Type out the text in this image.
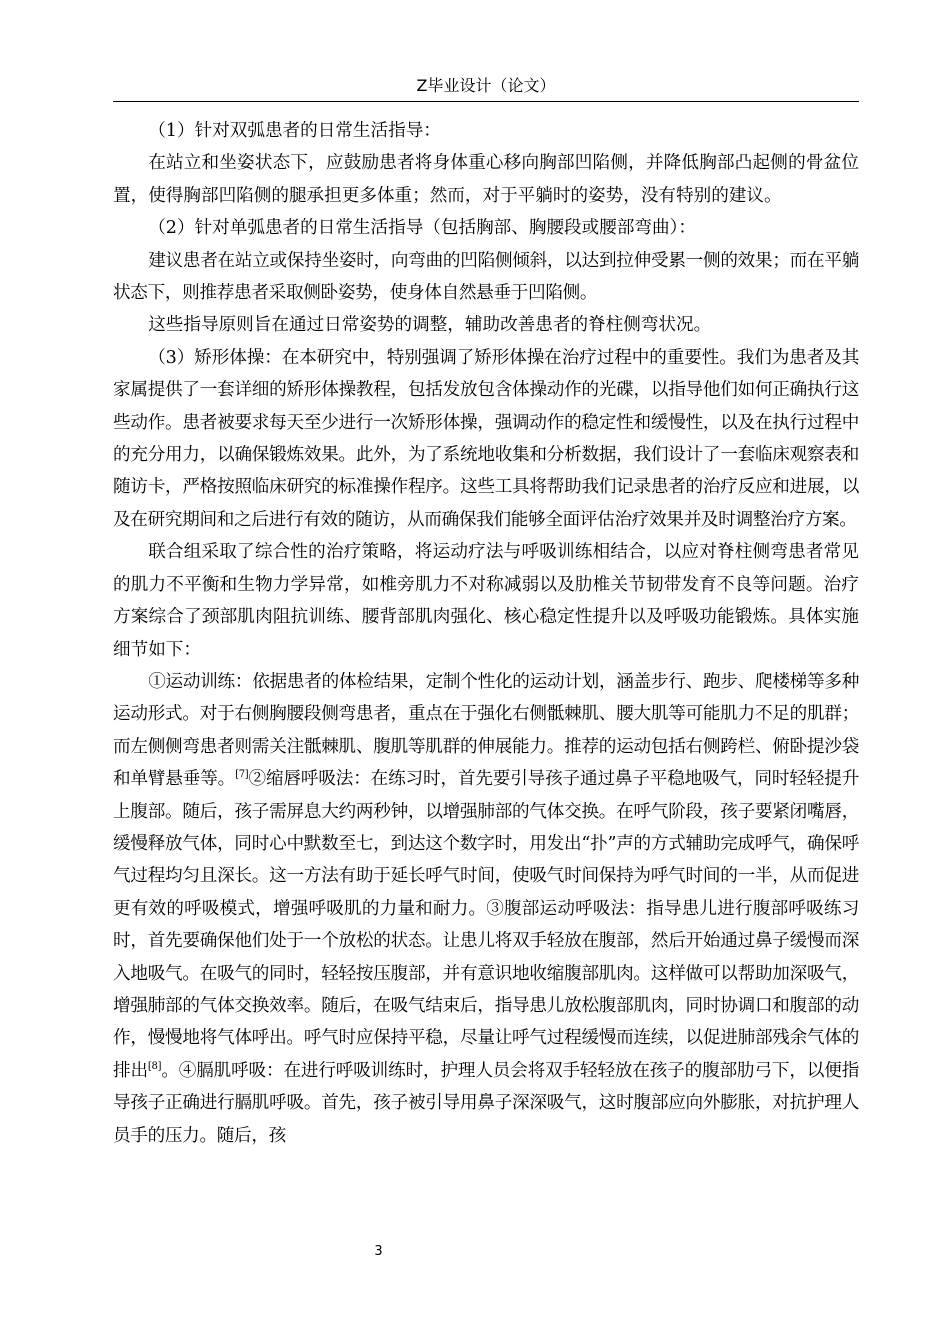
Z毕业设计（论文）

（1）针对双弧患者的日常生活指导：

在站立和坐姿状态下，应鼓励患者将身体重心移向胸部凹陷侧，并降低胸部凸起侧的骨盆位置，使得胸部凹陷侧的腿承担更多体重；然而，对于平躺时的姿势，没有特别的建议。

（2）针对单弧患者的日常生活指导（包括胸部、胸腰段或腰部弯曲）：

建议患者在站立或保持坐姿时，向弯曲的凹陷侧倾斜，以达到拉伸受累一侧的效果；而在平躺状态下，则推荐患者采取侧卧姿势，使身体自然悬垂于凹陷侧。

这些指导原则旨在通过日常姿势的调整，辅助改善患者的脊柱侧弯状况。

（3）矫形体操：在本研究中，特别强调了矫形体操在治疗过程中的重要性。我们为患者及其家属提供了一套详细的矫形体操教程，包括发放包含体操动作的光碟，以指导他们如何正确执行这些动作。患者被要求每天至少进行一次矫形体操，强调动作的稳定性和缓慢性，以及在执行过程中的充分用力，以确保锻炼效果。此外，为了系统地收集和分析数据，我们设计了一套临床观察表和随访卡，严格按照临床研究的标准操作程序。这些工具将帮助我们记录患者的治疗反应和进展，以及在研究期间和之后进行有效的随访，从而确保我们能够全面评估治疗效果并及时调整治疗方案。

联合组采取了综合性的治疗策略，将运动疗法与呼吸训练相结合，以应对脊柱侧弯患者常见的肌力不平衡和生物力学异常，如椎旁肌力不对称减弱以及肋椎关节韧带发育不良等问题。治疗方案综合了颈部肌肉阻抗训练、腰背部肌肉强化、核心稳定性提升以及呼吸功能锻炼。具体实施细节如下：

①运动训练：依据患者的体检结果，定制个性化的运动计划，涵盖步行、跑步、爬楼梯等多种运动形式。对于右侧胸腰段侧弯患者，重点在于强化右侧骶棘肌、腰大肌等可能肌力不足的肌群；而左侧侧弯患者则需关注骶棘肌、腹肌等肌群的伸展能力。推荐的运动包括右侧跨栏、俯卧提沙袋和单臂悬垂等。[7]②缩唇呼吸法：在练习时，首先要引导孩子通过鼻子平稳地吸气，同时轻轻提升上腹部。随后，孩子需屏息大约两秒钟，以增强肺部的气体交换。在呼气阶段，孩子要紧闭嘴唇，缓慢释放气体，同时心中默数至七，到达这个数字时，用发出“扑”声的方式辅助完成呼气，确保呼气过程均匀且深长。这一方法有助于延长呼气时间，使吸气时间保持为呼气时间的一半，从而促进更有效的呼吸模式，增强呼吸肌的力量和耐力。③腹部运动呼吸法：指导患儿进行腹部呼吸练习时，首先要确保他们处于一个放松的状态。让患儿将双手轻放在腹部，然后开始通过鼻子缓慢而深入地吸气。在吸气的同时，轻轻按压腹部，并有意识地收缩腹部肌肉。这样做可以帮助加深吸气，增强肺部的气体交换效率。随后，在吸气结束后，指导患儿放松腹部肌肉，同时协调口和腹部的动作，慢慢地将气体呼出。呼气时应保持平稳，尽量让呼气过程缓慢而连续，以促进肺部残余气体的排出[8]。④膈肌呼吸：在进行呼吸训练时，护理人员会将双手轻轻放在孩子的腹部肋弓下，以便指导孩子正确进行膈肌呼吸。首先，孩子被引导用鼻子深深吸气，这时腹部应向外膨胀，对抗护理人员手的压力。随后，孩

3
